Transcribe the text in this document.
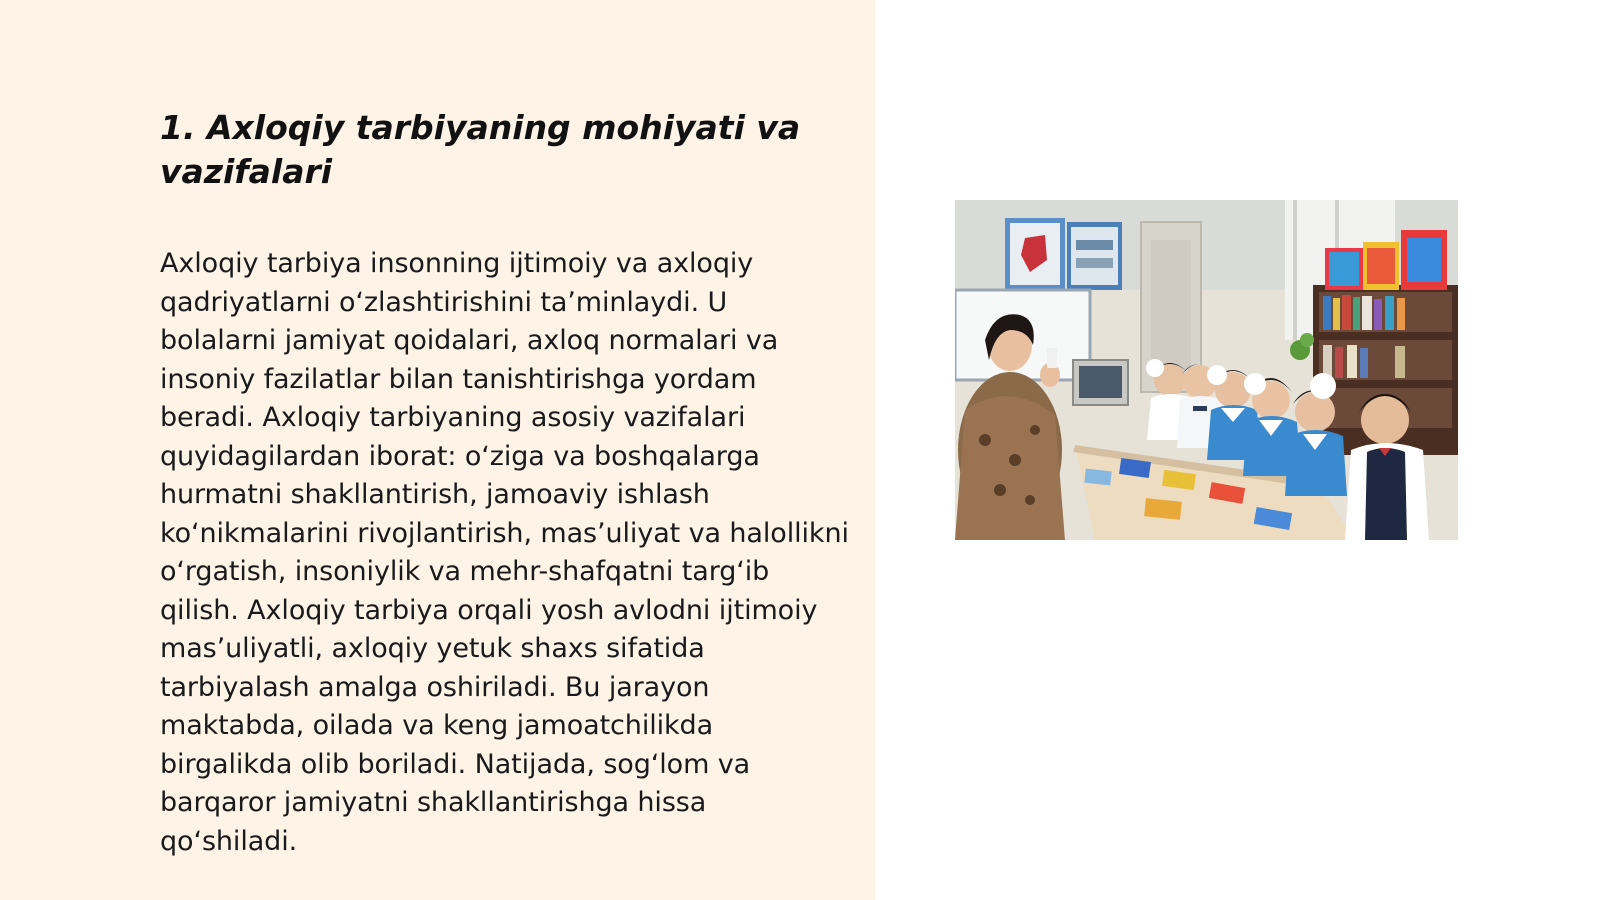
1. Axloqiy tarbiyaning mohiyati va vazifalari

Axloqiy tarbiya insonning ijtimoiy va axloqiy qadriyatlarni oʻzlashtirishini taʼminlaydi. U bolalarni jamiyat qoidalari, axloq normalari va insoniy fazilatlar bilan tanishtirishga yordam beradi. Axloqiy tarbiyaning asosiy vazifalari quyidagilardan iborat: oʻziga va boshqalarga hurmatni shakllantirish, jamoaviy ishlash koʻnikmalarini rivojlantirish, masʼuliyat va halollikni oʻrgatish, insoniylik va mehr-shafqatni targʻib qilish. Axloqiy tarbiya orqali yosh avlodni ijtimoiy masʼuliyatli, axloqiy yetuk shaxs sifatida tarbiyalash amalga oshiriladi. Bu jarayon maktabda, oilada va keng jamoatchilikda birgalikda olib boriladi. Natijada, sogʻlom va barqaror jamiyatni shakllantirishga hissa qoʻshiladi.
